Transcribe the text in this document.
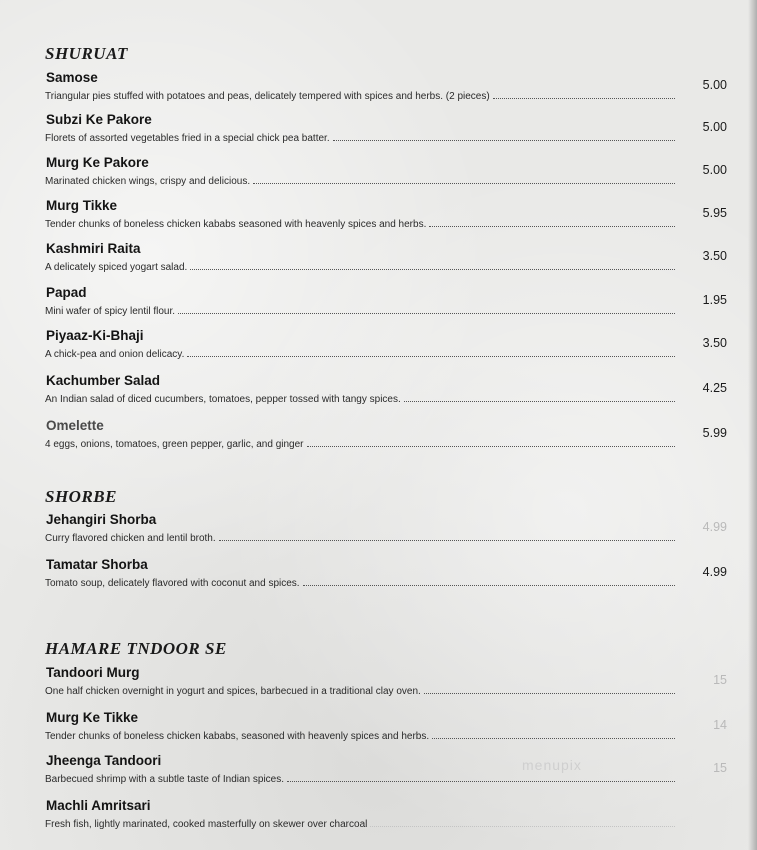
SHURUAT
Samose
Triangular pies stuffed with potatoes and peas, delicately tempered with spices and herbs. (2 pieces)
5.00
Subzi Ke Pakore
Florets of assorted vegetables fried in a special chick pea batter.
5.00
Murg Ke Pakore
Marinated chicken wings, crispy and delicious.
5.00
Murg Tikke
Tender chunks of boneless chicken kababs seasoned with heavenly spices and herbs.
5.95
Kashmiri Raita
A delicately spiced yogart salad.
3.50
Papad
Mini wafer of spicy lentil flour.
1.95
Piyaaz-Ki-Bhaji
A chick-pea and onion delicacy.
3.50
Kachumber Salad
An Indian salad of diced cucumbers, tomatoes, pepper tossed with tangy spices.
4.25
Omelette
4 eggs, onions, tomatoes, green pepper, garlic, and ginger
5.99
SHORBE
Jehangiri Shorba
Curry flavored chicken and lentil broth.
4.99
Tamatar Shorba
Tomato soup, delicately flavored with coconut and spices.
4.99
HAMARE TNDOOR SE
Tandoori Murg
One half chicken overnight in yogurt and spices, barbecued in a traditional clay oven.
15
Murg Ke Tikke
Tender chunks of boneless chicken kababs, seasoned with heavenly spices and herbs.
14
Jheenga Tandoori
Barbecued shrimp with a subtle taste of Indian spices.
15
Machli Amritsari
Fresh fish, lightly marinated, cooked masterfully on skewer over charcoal
menupix
